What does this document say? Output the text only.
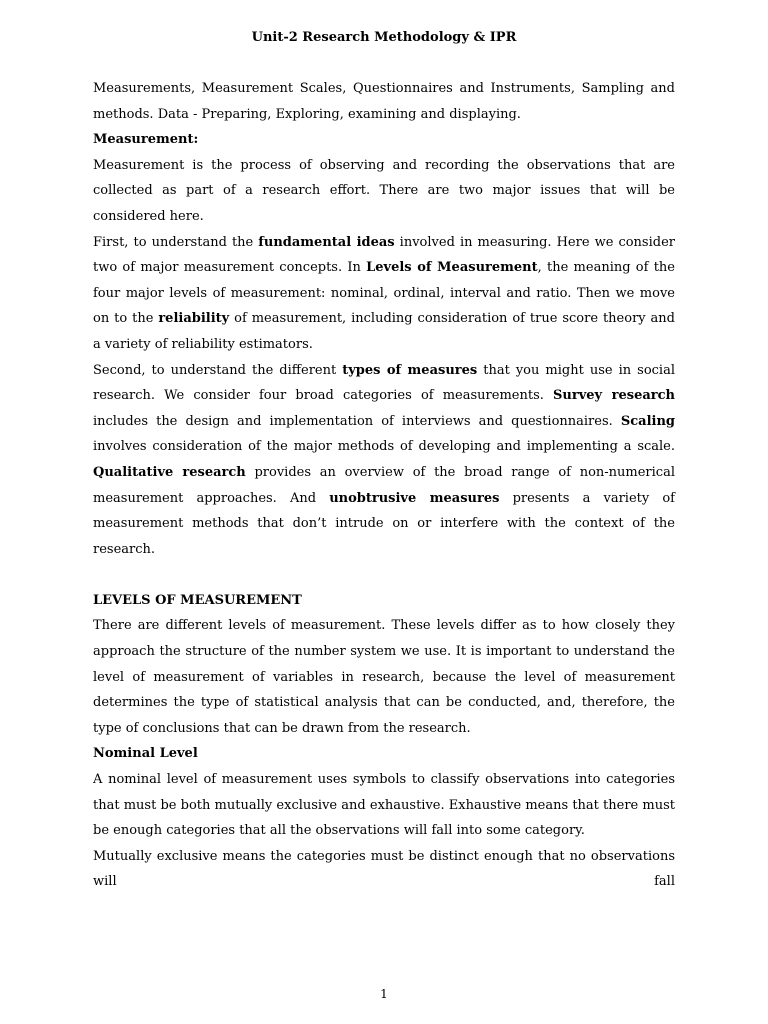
Unit-2 Research Methodology & IPR

Measurements, Measurement Scales, Questionnaires and Instruments, Sampling and methods. Data - Preparing, Exploring, examining and displaying.

Measurement:

Measurement is the process of observing and recording the observations that are collected as part of a research effort. There are two major issues that will be considered here.

First, to understand the fundamental ideas involved in measuring. Here we consider two of major measurement concepts. In Levels of Measurement, the meaning of the four major levels of measurement: nominal, ordinal, interval and ratio. Then we move on to the reliability of measurement, including consideration of true score theory and a variety of reliability estimators.

Second, to understand the different types of measures that you might use in social research. We consider four broad categories of measurements. Survey research includes the design and implementation of interviews and questionnaires. Scaling involves consideration of the major methods of developing and implementing a scale. Qualitative research provides an overview of the broad range of non-numerical measurement approaches. And unobtrusive measures presents a variety of measurement methods that don’t intrude on or interfere with the context of the research.

LEVELS OF MEASUREMENT

There are different levels of measurement. These levels differ as to how closely they approach the structure of the number system we use. It is important to understand the level of measurement of variables in research, because the level of measurement determines the type of statistical analysis that can be conducted, and, therefore, the type of conclusions that can be drawn from the research.

Nominal Level

A nominal level of measurement uses symbols to classify observations into categories that must be both mutually exclusive and exhaustive. Exhaustive means that there must be enough categories that all the observations will fall into some category.

Mutually exclusive means the categories must be distinct enough that no observations will fall

1
